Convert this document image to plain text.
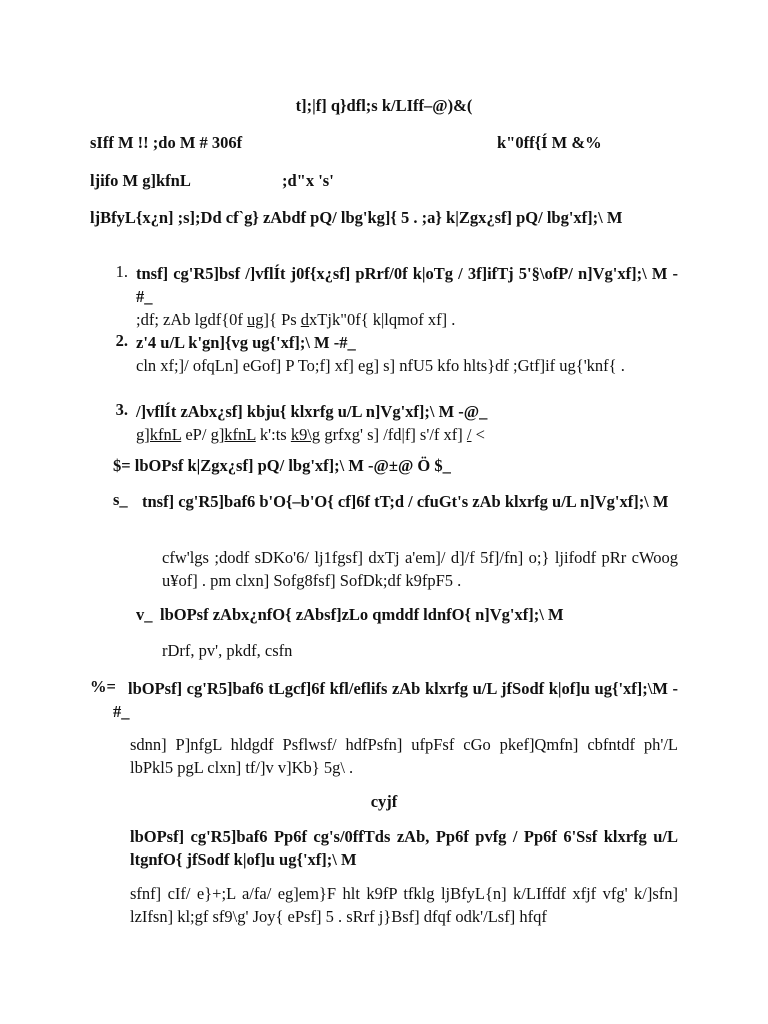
t];|f] q}dfl;s k/LIff–@)&(
sIff M !! ;do M # 306f	k"0ff{Í M &%
ljifo M g]kfnL	;d"x 's'
ljBfyL{x¿n] ;s];Dd cf`g} zAbdf pQ/ lbg'kg]{ 5 . ;a} k|Zgx¿sf] pQ/ lbg'xf];\ M
1. tnsf] cg'R5]bsf /]vflÍt j0f{x¿sf] pRrf/0f k|oTg / 3f]ifTj 5'§\ofP/ n]Vg'xf];\ M -#_
;df; zAb lgdf{0f ug]{ Ps dxTjk"0f{ k|lqmof xf] .
2. z'4 u/L k'gn]{vg ug{'xf];\ M -#_
cln xf;]/ ofqLn] eGof] P To;f] xf] eg] s] nfU5 kfo hlts}df ;Gtf]if ug{'knf{ .
3. /]vflÍt zAbx¿sf] kbju{ klxrfg u/L n]Vg'xf];\ M -@_
g]kfnL eP/ g]kfnL k':ts k9\g grfxg' s] /fd|f] s'/f xf] / <
$= lbOPsf k|Zgx¿sf] pQ/ lbg'xf];\ M -@±@ Ö $_
s_ tnsf] cg'R5]baf6 b'O{–b'O{ cf]6f tT;d / cfuGt's zAb klxrfg u/L n]Vg'xf];\ M
cfw'lgs ;dodf sDKo'6/ lj1fgsf] dxTj a'em]/ d]/f 5f]/fn] o;} ljifodf pRr cWoog u¥of] . pm clxn] Sofg8fsf] SofDk;df k9fpF5 .
v_ lbOPsf zAbx¿nfO{ zAbsf]zLo qmddf ldnfO{ n]Vg'xf];\ M
rDrf, pv', pkdf, csfn
%= lbOPsf] cg'R5]baf6 tLgcf]6f kfl/eflifs zAb klxrfg u/L jfSodf k|of]u ug{'xf];\M -#_
sdnn] P]nfgL hldgdf Psflwsf/ hdfPsfn] ufpFsf cGo pkef]Qmfn] cbfntdf ph'/L lbPkl5 pgL clxn] tf/]v v]Kb} 5g\ .
cyjf
lbOPsf] cg'R5]baf6 Pp6f cg's/0ffTds zAb, Pp6f pvfg / Pp6f 6'Ssf klxrfg u/L ltgnfO{ jfSodf k|of]u ug{'xf];\ M
sfnf] cIf/ e}+;L a/fa/ eg]em}F hlt k9fP tfklg ljBfyL{n] k/LIffdf xfjf vfg' k/]sfn] lzIfsn] kl;gf sf9\g' Joy{ ePsf] 5 . sRrf j}Bsf] dfqf odk'/Lsf] hfqf
